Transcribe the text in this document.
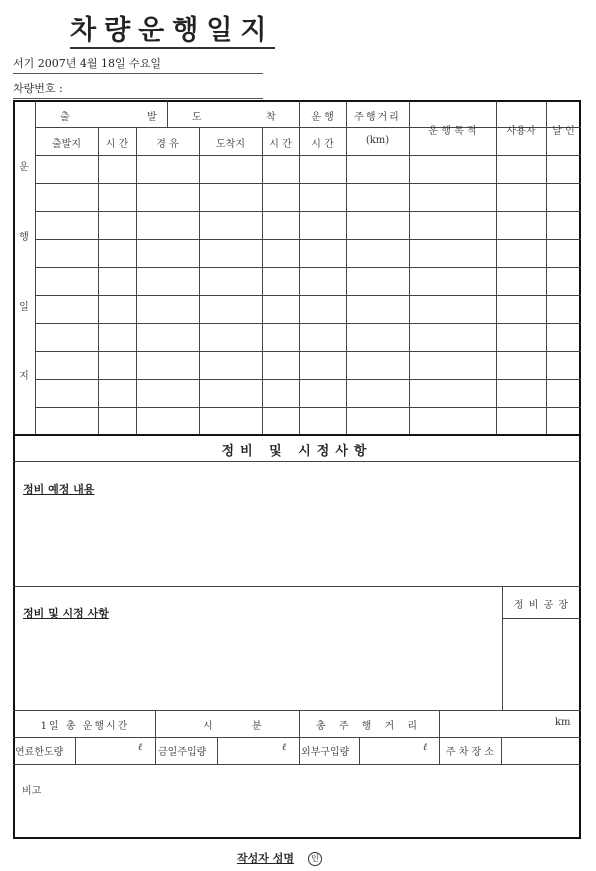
차량운행일지
서기 2007년 4월 18일 수요일
차량번호 :
운
행
일
지
출	발	도	착	운 행	주행거리
운 행 목 적	사용자	날 인
출발지	시 간	경 유	도착지	시 간	시 간	(km)
정비 및 시정사항
정비 예정 내용
정비 및 시정 사항
정 비 공 장
1일 총 운행시간	시	분	총 주 행 거 리	km
연료한도량	ℓ 금일주입량	ℓ 외부구입량	ℓ	주 차 장 소
비고
작성자 성명 인
